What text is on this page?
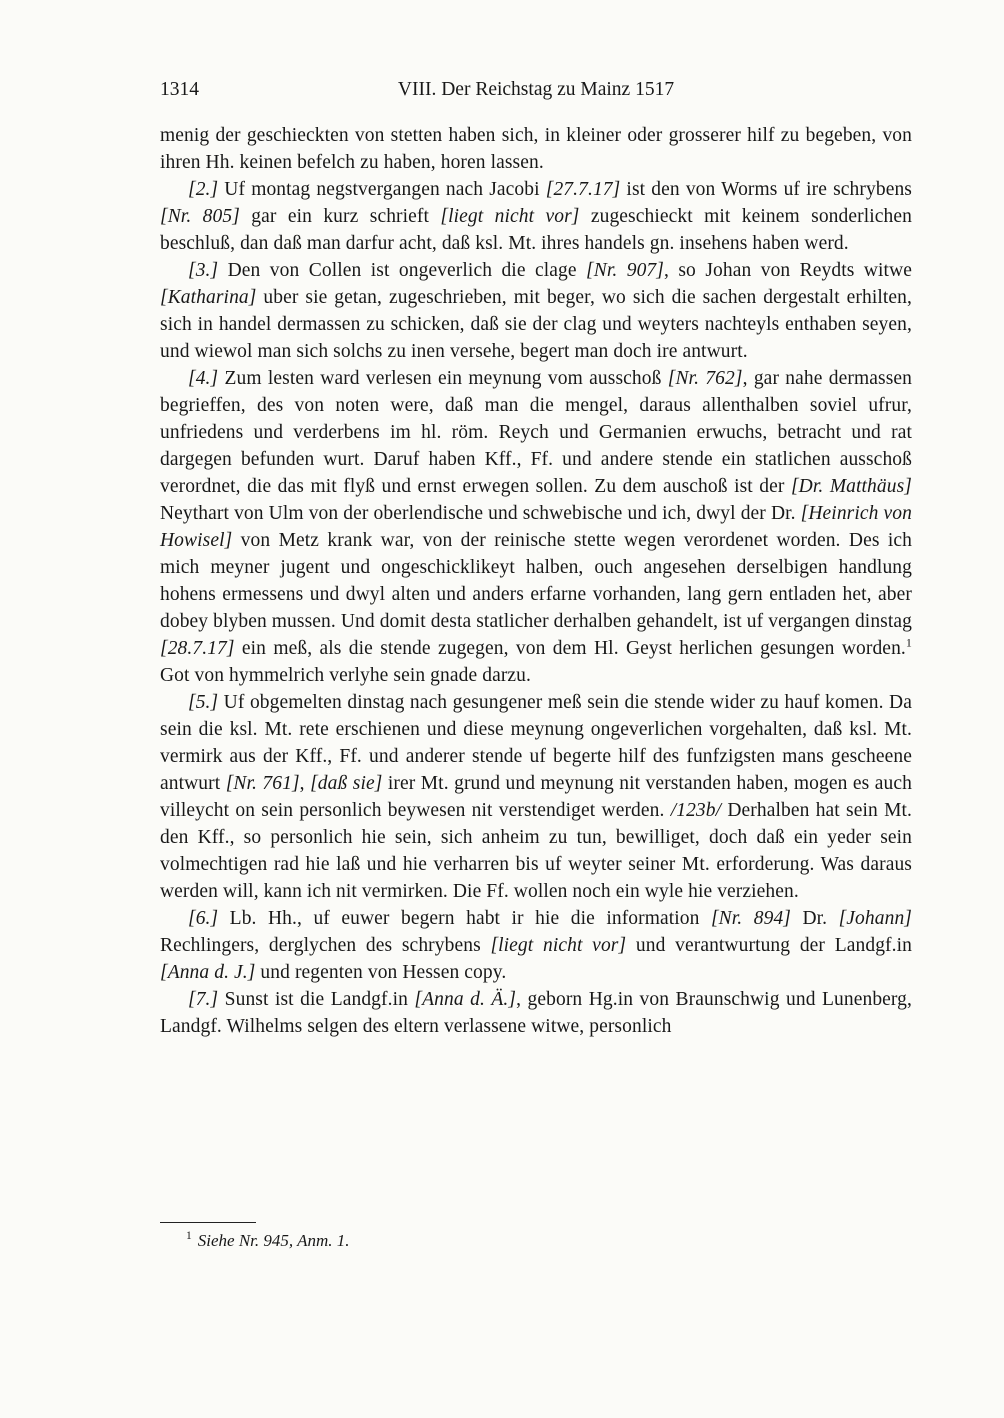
1314	VIII. Der Reichstag zu Mainz 1517

menig der geschieckten von stetten haben sich, in kleiner oder grosserer hilf zu begeben, von ihren Hh. keinen befelch zu haben, horen lassen.

[2.] Uf montag negstvergangen nach Jacobi [27.7.17] ist den von Worms uf ire schrybens [Nr. 805] gar ein kurz schrieft [liegt nicht vor] zugeschieckt mit keinem sonderlichen beschluß, dan daß man darfur acht, daß ksl. Mt. ihres handels gn. insehens haben werd.

[3.] Den von Collen ist ongeverlich die clage [Nr. 907], so Johan von Reydts witwe [Katharina] uber sie getan, zugeschrieben, mit beger, wo sich die sachen dergestalt erhilten, sich in handel dermassen zu schicken, daß sie der clag und weyters nachteyls enthaben seyen, und wiewol man sich solchs zu inen versehe, begert man doch ire antwurt.

[4.] Zum lesten ward verlesen ein meynung vom ausschoß [Nr. 762], gar nahe dermassen begrieffen, des von noten were, daß man die mengel, daraus allenthalben soviel ufrur, unfriedens und verderbens im hl. röm. Reych und Germanien erwuchs, betracht und rat dargegen befunden wurt. Daruf haben Kff., Ff. und andere stende ein statlichen ausschoß verordnet, die das mit flyß und ernst erwegen sollen. Zu dem auschoß ist der [Dr. Matthäus] Neythart von Ulm von der oberlendische und schwebische und ich, dwyl der Dr. [Heinrich von Howisel] von Metz krank war, von der reinische stette wegen verordenet worden. Des ich mich meyner jugent und ongeschicklikeyt halben, ouch angesehen derselbigen handlung hohens ermessens und dwyl alten und anders erfarne vorhanden, lang gern entladen het, aber dobey blyben mussen. Und domit desta statlicher derhalben gehandelt, ist uf vergangen dinstag [28.7.17] ein meß, als die stende zugegen, von dem Hl. Geyst herlichen gesungen worden.$^1$ Got von hymmelrich verlyhe sein gnade darzu.

[5.] Uf obgemelten dinstag nach gesungener meß sein die stende wider zu hauf komen. Da sein die ksl. Mt. rete erschienen und diese meynung ongeverlichen vorgehalten, daß ksl. Mt. vermirk aus der Kff., Ff. und anderer stende uf begerte hilf des funfzigsten mans gescheene antwurt [Nr. 761], [daß sie] irer Mt. grund und meynung nit verstanden haben, mogen es auch villeycht on sein personlich beywesen nit verstendiget werden. /123b/ Derhalben hat sein Mt. den Kff., so personlich hie sein, sich anheim zu tun, bewilliget, doch daß ein yeder sein volmechtigen rad hie laß und hie verharren bis uf weyter seiner Mt. erforderung. Was daraus werden will, kann ich nit vermirken. Die Ff. wollen noch ein wyle hie verziehen.

[6.] Lb. Hh., uf euwer begern habt ir hie die information [Nr. 894] Dr. [Johann] Rechlingers, derglychen des schrybens [liegt nicht vor] und verantwurtung der Landgf.in [Anna d. J.] und regenten von Hessen copy.

[7.] Sunst ist die Landgf.in [Anna d. Ä.], geborn Hg.in von Braunschwig und Lunenberg, Landgf. Wilhelms selgen des eltern verlassene witwe, personlich

$^1$ Siehe Nr. 945, Anm. 1.
